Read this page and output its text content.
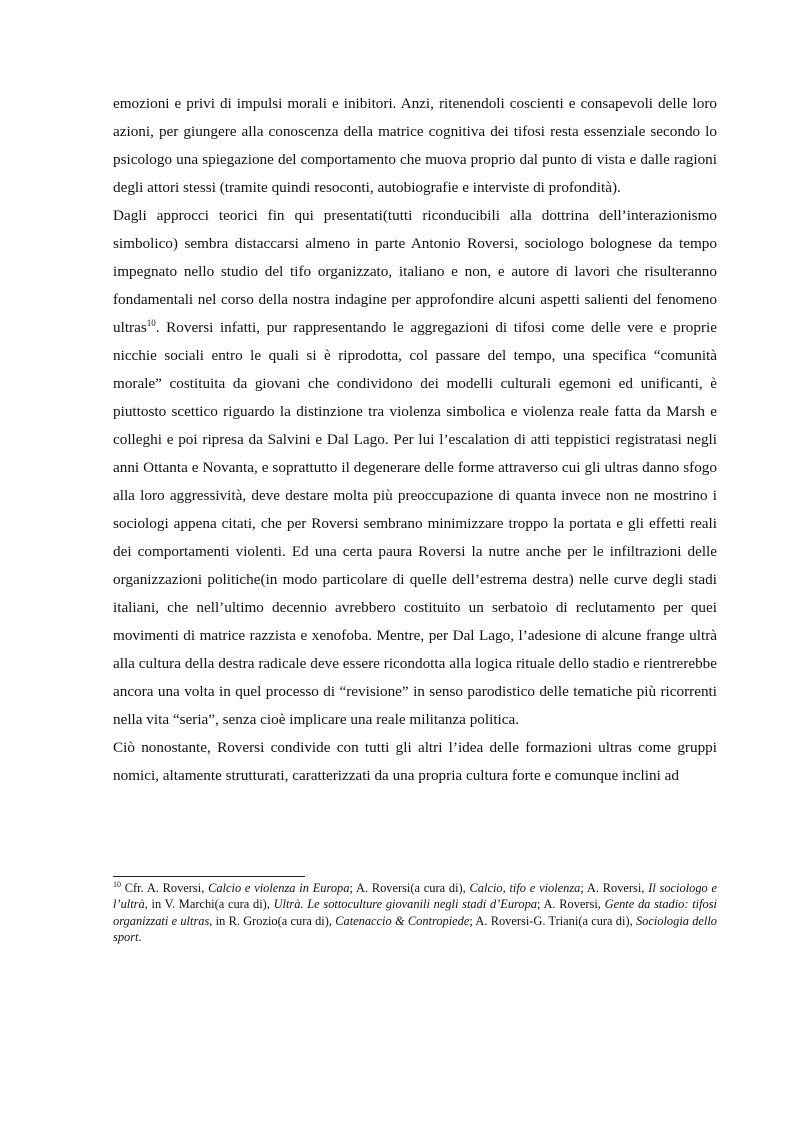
emozioni e privi di impulsi morali e inibitori. Anzi, ritenendoli coscienti e consapevoli delle loro azioni, per giungere alla conoscenza della matrice cognitiva dei tifosi resta essenziale secondo lo psicologo una spiegazione del comportamento che muova proprio dal punto di vista e dalle ragioni degli attori stessi (tramite quindi resoconti, autobiografie e interviste di profondità).

Dagli approcci teorici fin qui presentati(tutti riconducibili alla dottrina dell’interazionismo simbolico) sembra distaccarsi almeno in parte Antonio Roversi, sociologo bolognese da tempo impegnato nello studio del tifo organizzato, italiano e non, e autore di lavori che risulteranno fondamentali nel corso della nostra indagine per approfondire alcuni aspetti salienti del fenomeno ultras$^{10}$. Roversi infatti, pur rappresentando le aggregazioni di tifosi come delle vere e proprie nicchie sociali entro le quali si è riprodotta, col passare del tempo, una specifica “comunità morale” costituita da giovani che condividono dei modelli culturali egemoni ed unificanti, è piuttosto scettico riguardo la distinzione tra violenza simbolica e violenza reale fatta da Marsh e colleghi e poi ripresa da Salvini e Dal Lago. Per lui l’escalation di atti teppistici registratasi negli anni Ottanta e Novanta, e soprattutto il degenerare delle forme attraverso cui gli ultras danno sfogo alla loro aggressività, deve destare molta più preoccupazione di quanta invece non ne mostrino i sociologi appena citati, che per Roversi sembrano minimizzare troppo la portata e gli effetti reali dei comportamenti violenti. Ed una certa paura Roversi la nutre anche per le infiltrazioni delle organizzazioni politiche(in modo particolare di quelle dell’estrema destra) nelle curve degli stadi italiani, che nell’ultimo decennio avrebbero costituito un serbatoio di reclutamento per quei movimenti di matrice razzista e xenofoba. Mentre, per Dal Lago, l’adesione di alcune frange ultrà alla cultura della destra radicale deve essere ricondotta alla logica rituale dello stadio e rientrerebbe ancora una volta in quel processo di “revisione” in senso parodistico delle tematiche più ricorrenti nella vita “seria”, senza cioè implicare una reale militanza politica.

Ciò nonostante, Roversi condivide con tutti gli altri l’idea delle formazioni ultras come gruppi nomici, altamente strutturati, caratterizzati da una propria cultura forte e comunque inclini ad

$^{10}$ Cfr. A. Roversi, Calcio e violenza in Europa; A. Roversi(a cura di), Calcio, tifo e violenza; A. Roversi, Il sociologo e l’ultrà, in V. Marchi(a cura di), Ultrà. Le sottoculture giovanili negli stadi d’Europa; A. Roversi, Gente da stadio: tifosi organizzati e ultras, in R. Grozio(a cura di), Catenaccio & Contropiede; A. Roversi-G. Triani(a cura di), Sociologia dello sport.
